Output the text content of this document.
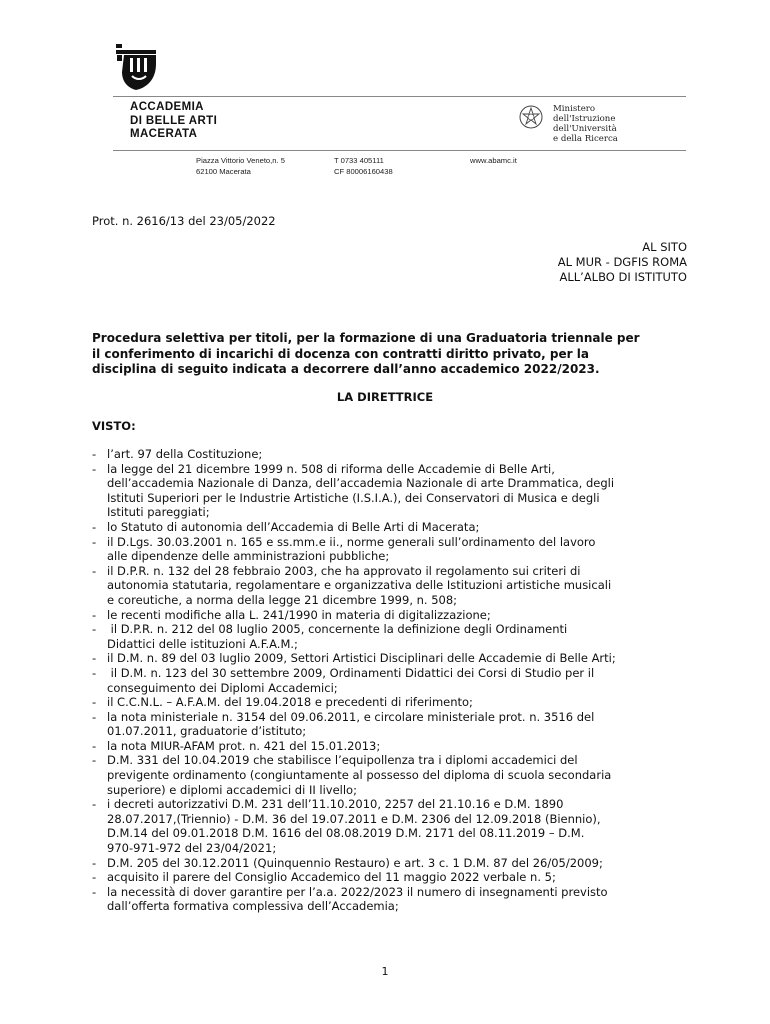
ACCADEMIA
DI BELLE ARTI
MACERATA
Ministero
dell'Istruzione
dell'Università
e della Ricerca
Piazza Vittorio Veneto,n. 5
62100 Macerata
T 0733 405111
CF 80006160438
www.abamc.it
Prot. n. 2616/13 del 23/05/2022
AL SITO
AL MUR - DGFIS ROMA
ALL’ALBO DI ISTITUTO
Procedura selettiva per titoli, per la formazione di una Graduatoria triennale per
il conferimento di incarichi di docenza con contratti diritto privato, per la
disciplina di seguito indicata a decorrere dall’anno accademico 2022/2023.
LA DIRETTRICE
VISTO:
- l’art. 97 della Costituzione;
- la legge del 21 dicembre 1999 n. 508 di riforma delle Accademie di Belle Arti,
dell’accademia Nazionale di Danza, dell’accademia Nazionale di arte Drammatica, degli
Istituti Superiori per le Industrie Artistiche (I.S.I.A.), dei Conservatori di Musica e degli
Istituti pareggiati;
- lo Statuto di autonomia dell’Accademia di Belle Arti di Macerata;
- il D.Lgs. 30.03.2001 n. 165 e ss.mm.e ii., norme generali sull’ordinamento del lavoro
alle dipendenze delle amministrazioni pubbliche;
- il D.P.R. n. 132 del 28 febbraio 2003, che ha approvato il regolamento sui criteri di
autonomia statutaria, regolamentare e organizzativa delle Istituzioni artistiche musicali
e coreutiche, a norma della legge 21 dicembre 1999, n. 508;
- le recenti modifiche alla L. 241/1990 in materia di digitalizzazione;
- il D.P.R. n. 212 del 08 luglio 2005, concernente la definizione degli Ordinamenti
Didattici delle istituzioni A.F.A.M.;
- il D.M. n. 89 del 03 luglio 2009, Settori Artistici Disciplinari delle Accademie di Belle Arti;
- il D.M. n. 123 del 30 settembre 2009, Ordinamenti Didattici dei Corsi di Studio per il
conseguimento dei Diplomi Accademici;
- il C.C.N.L. – A.F.A.M. del 19.04.2018 e precedenti di riferimento;
- la nota ministeriale n. 3154 del 09.06.2011, e circolare ministeriale prot. n. 3516 del
01.07.2011, graduatorie d’istituto;
- la nota MIUR-AFAM prot. n. 421 del 15.01.2013;
- D.M. 331 del 10.04.2019 che stabilisce l’equipollenza tra i diplomi accademici del
previgente ordinamento (congiuntamente al possesso del diploma di scuola secondaria
superiore) e diplomi accademici di II livello;
- i decreti autorizzativi D.M. 231 dell’11.10.2010, 2257 del 21.10.16 e D.M. 1890
28.07.2017,(Triennio) - D.M. 36 del 19.07.2011 e D.M. 2306 del 12.09.2018 (Biennio),
D.M.14 del 09.01.2018 D.M. 1616 del 08.08.2019 D.M. 2171 del 08.11.2019 – D.M.
970-971-972 del 23/04/2021;
- D.M. 205 del 30.12.2011 (Quinquennio Restauro) e art. 3 c. 1 D.M. 87 del 26/05/2009;
- acquisito il parere del Consiglio Accademico del 11 maggio 2022 verbale n. 5;
- la necessità di dover garantire per l’a.a. 2022/2023 il numero di insegnamenti previsto
dall’offerta formativa complessiva dell’Accademia;
1
